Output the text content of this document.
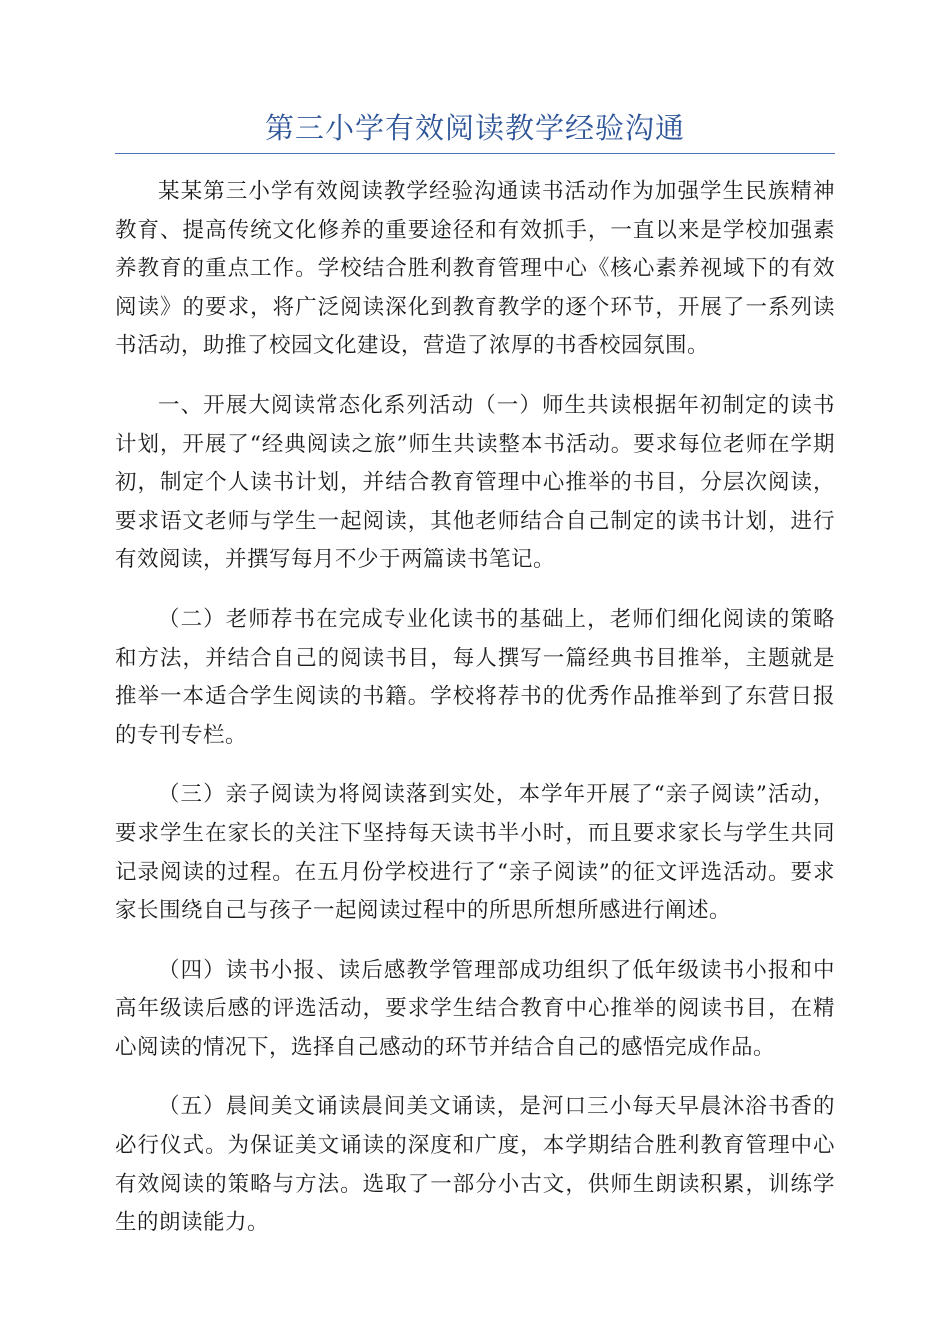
第三小学有效阅读教学经验沟通

某某第三小学有效阅读教学经验沟通读书活动作为加强学生民族精神教育、提高传统文化修养的重要途径和有效抓手，一直以来是学校加强素养教育的重点工作。学校结合胜利教育管理中心《核心素养视域下的有效阅读》的要求，将广泛阅读深化到教育教学的逐个环节，开展了一系列读书活动，助推了校园文化建设，营造了浓厚的书香校园氛围。

一、开展大阅读常态化系列活动（一）师生共读根据年初制定的读书计划，开展了“经典阅读之旅”师生共读整本书活动。要求每位老师在学期初，制定个人读书计划，并结合教育管理中心推举的书目，分层次阅读，要求语文老师与学生一起阅读，其他老师结合自己制定的读书计划，进行有效阅读，并撰写每月不少于两篇读书笔记。

（二）老师荐书在完成专业化读书的基础上，老师们细化阅读的策略和方法，并结合自己的阅读书目，每人撰写一篇经典书目推举，主题就是推举一本适合学生阅读的书籍。学校将荐书的优秀作品推举到了东营日报的专刊专栏。

（三）亲子阅读为将阅读落到实处，本学年开展了“亲子阅读”活动，要求学生在家长的关注下坚持每天读书半小时，而且要求家长与学生共同记录阅读的过程。在五月份学校进行了“亲子阅读”的征文评选活动。要求家长围绕自己与孩子一起阅读过程中的所思所想所感进行阐述。

（四）读书小报、读后感教学管理部成功组织了低年级读书小报和中高年级读后感的评选活动，要求学生结合教育中心推举的阅读书目，在精心阅读的情况下，选择自己感动的环节并结合自己的感悟完成作品。

（五）晨间美文诵读晨间美文诵读，是河口三小每天早晨沐浴书香的必行仪式。为保证美文诵读的深度和广度，本学期结合胜利教育管理中心有效阅读的策略与方法。选取了一部分小古文，供师生朗读积累，训练学生的朗读能力。
